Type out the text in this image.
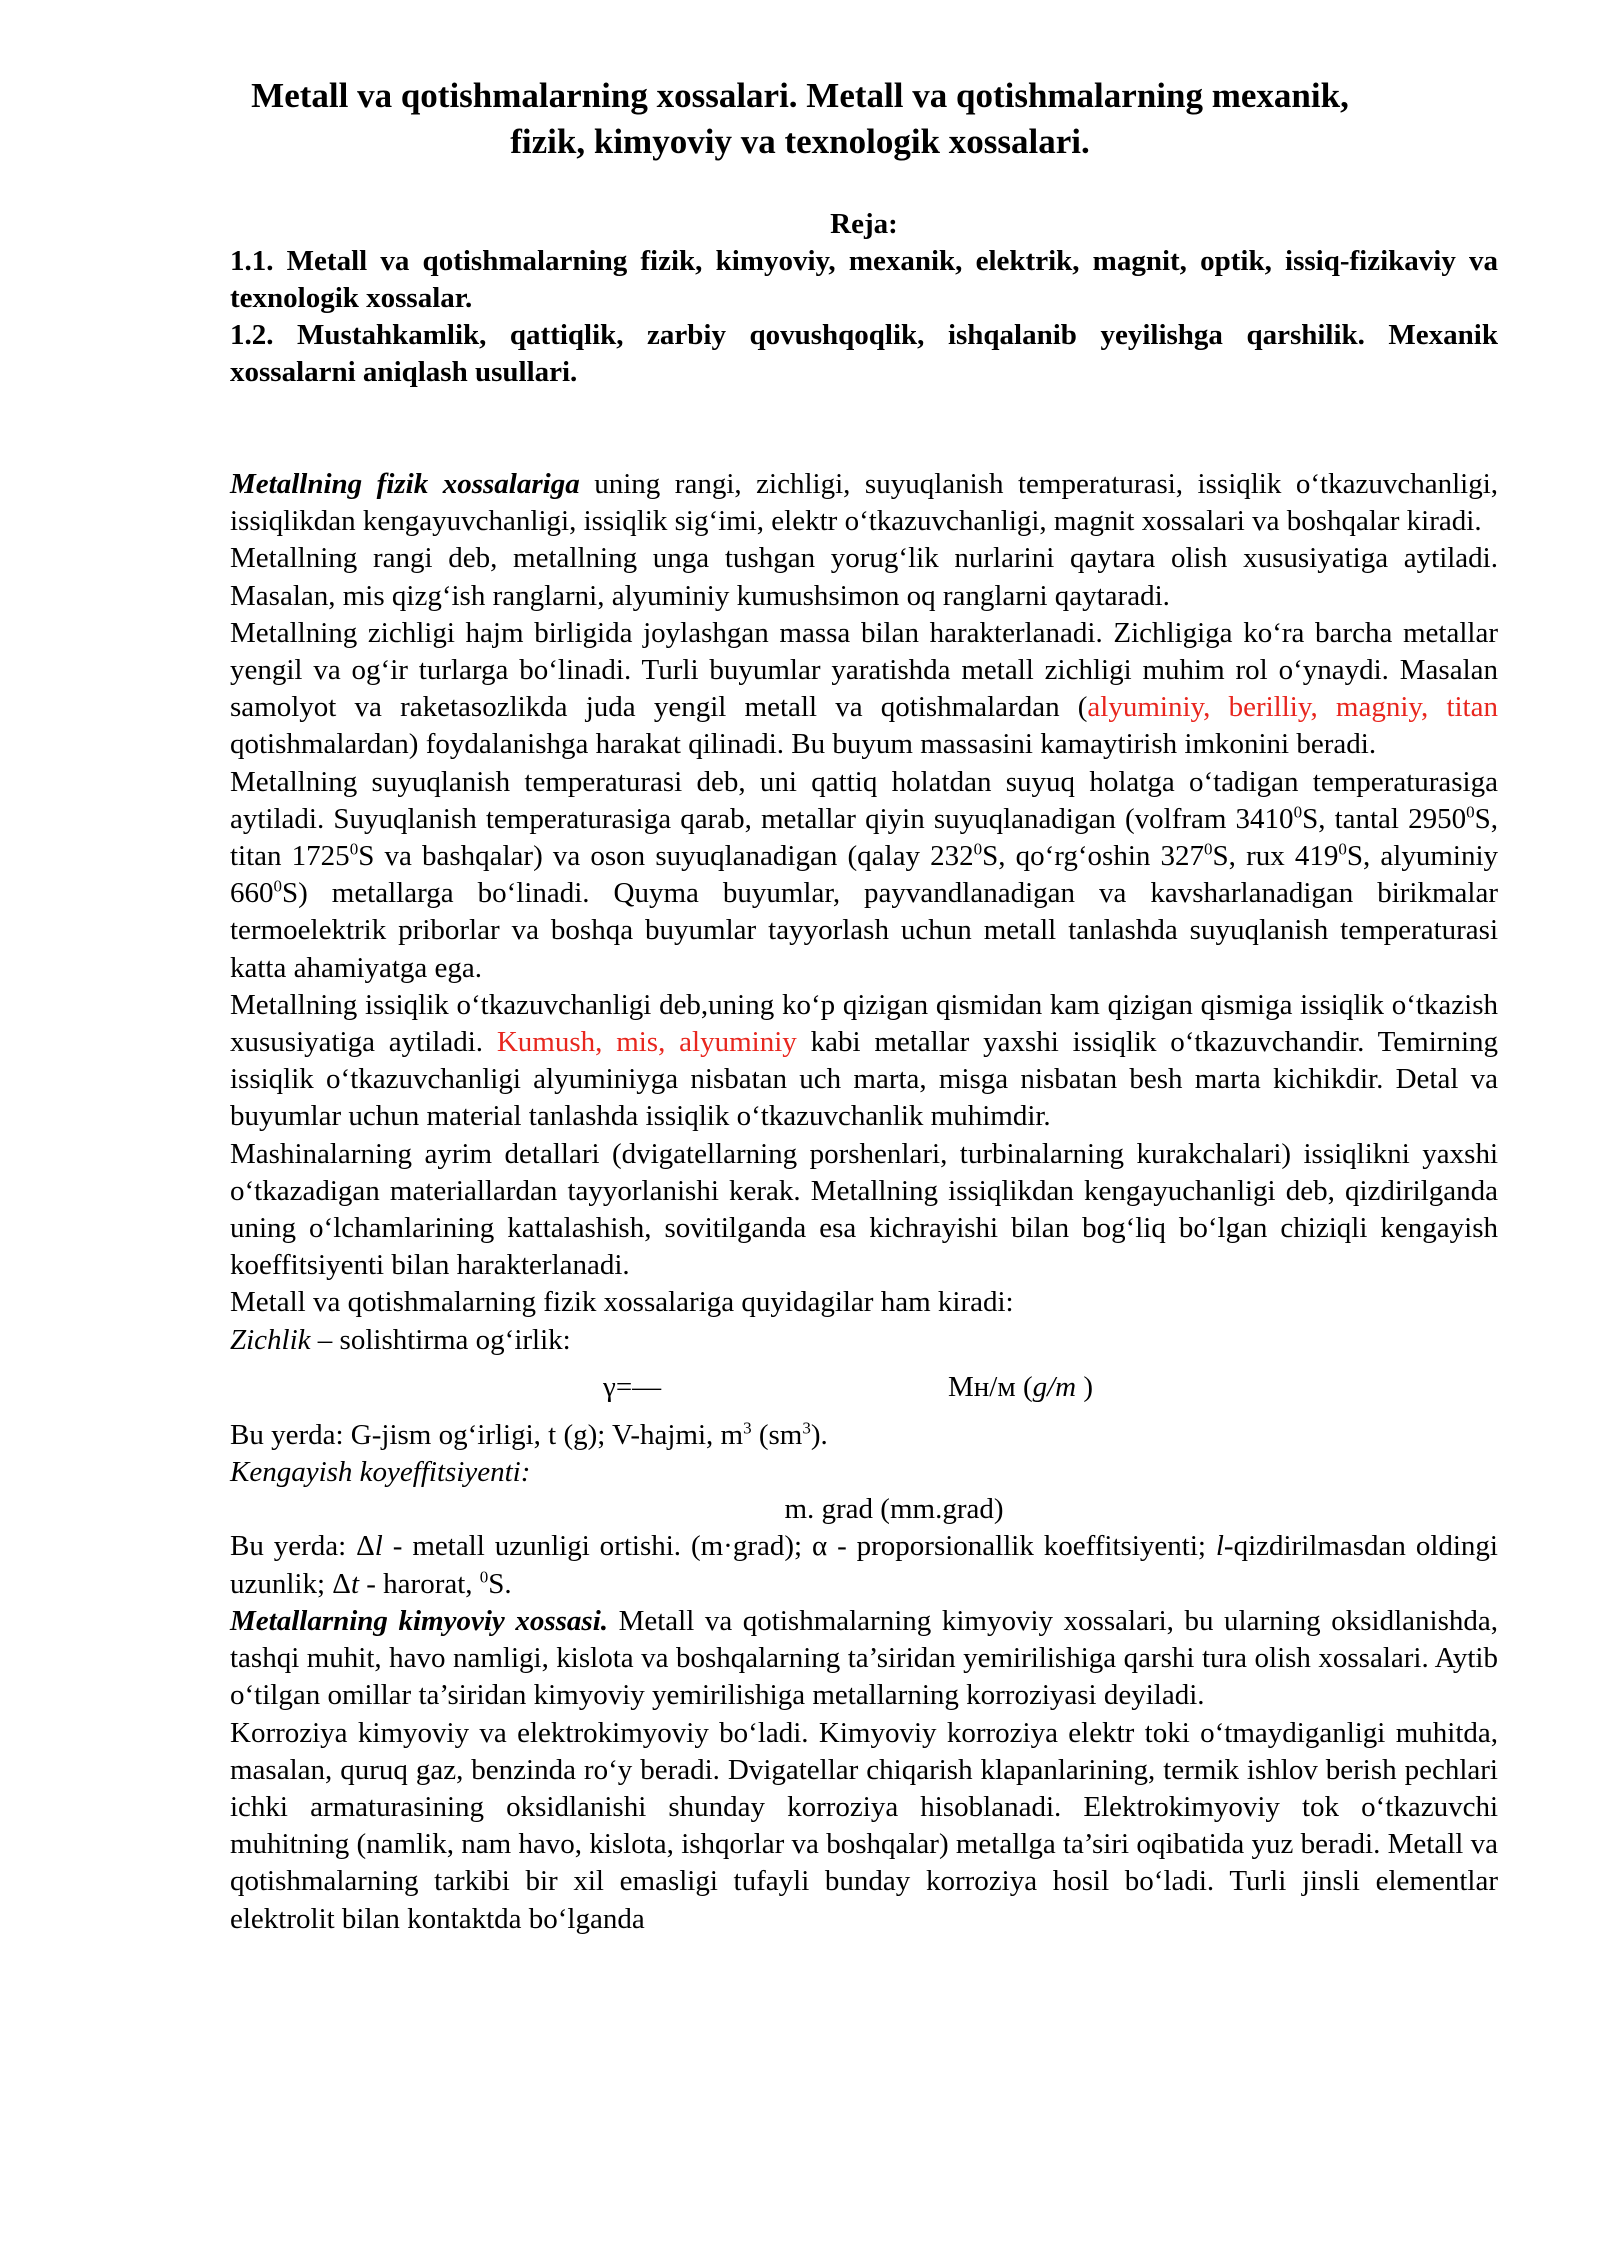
Metall va qotishmalarning xossalari. Metall va qotishmalarning mexanik,
fizik, kimyoviy va texnologik xossalari.
Reja:

1.1. Metall va qotishmalarning fizik, kimyoviy, mexanik, elektrik, magnit, optik, issiq-fizikaviy va texnologik xossalar.

1.2. Mustahkamlik, qattiqlik, zarbiy qovushqoqlik, ishqalanib yeyilishga qarshilik. Mexanik xossalarni aniqlash usullari.

Metallning fizik xossalariga uning rangi, zichligi, suyuqlanish temperaturasi, issiqlik o‘tkazuvchanligi, issiqlikdan kengayuvchanligi, issiqlik sig‘imi, elektr o‘tkazuvchanligi, magnit xossalari va boshqalar kiradi.

Metallning rangi deb, metallning unga tushgan yorug‘lik nurlarini qaytara olish xususiyatiga aytiladi. Masalan, mis qizg‘ish ranglarni, alyuminiy kumushsimon oq ranglarni qaytaradi.

Metallning zichligi hajm birligida joylashgan massa bilan harakterlanadi. Zichligiga ko‘ra barcha metallar yengil va og‘ir turlarga bo‘linadi. Turli buyumlar yaratishda metall zichligi muhim rol o‘ynaydi. Masalan samolyot va raketasozlikda juda yengil metall va qotishmalardan (alyuminiy, berilliy, magniy, titan qotishmalardan) foydalanishga harakat qilinadi. Bu buyum massasini kamaytirish imkonini beradi.

Metallning suyuqlanish temperaturasi deb, uni qattiq holatdan suyuq holatga o‘tadigan temperaturasiga aytiladi. Suyuqlanish temperaturasiga qarab, metallar qiyin suyuqlanadigan (volfram 3410$^0$S, tantal 2950$^0$S, titan 1725$^0$S va bashqalar) va oson suyuqlanadigan (qalay $232^0S$, qo‘rg‘oshin $327^0S$, rux $419^0S$, alyuminiy $660^0S$) metallarga bo‘linadi. Quyma buyumlar, payvandlanadigan va kavsharlanadigan birikmalar termoelektrik priborlar va boshqa buyumlar tayyorlash uchun metall tanlashda suyuqlanish temperaturasi katta ahamiyatga ega.

Metallning issiqlik o‘tkazuvchanligi deb,uning ko‘p qizigan qismidan kam qizigan qismiga issiqlik o‘tkazish xususiyatiga aytiladi. Kumush, mis, alyuminiy kabi metallar yaxshi issiqlik o‘tkazuvchandir. Temirning issiqlik o‘tkazuvchanligi alyuminiyga nisbatan uch marta, misga nisbatan besh marta kichikdir. Detal va buyumlar uchun material tanlashda issiqlik o‘tkazuvchanlik muhimdir.

Mashinalarning ayrim detallari (dvigatellarning porshenlari, turbinalarning kurakchalari) issiqlikni yaxshi o‘tkazadigan materiallardan tayyorlanishi kerak. Metallning issiqlikdan kengayuchanligi deb, qizdirilganda uning o‘lchamlarining kattalashish, sovitilganda esa kichrayishi bilan bog‘liq bo‘lgan chiziqli kengayish koeffitsiyenti bilan harakterlanadi.

Metall va qotishmalarning fizik xossalariga quyidagilar ham kiradi:

Zichlik – solishtirma og‘irlik:

γ=—	Мн/м (g/m )

Bu yerda: G-jism og‘irligi, t (g); V-hajmi, $m^3$ $(sm^3)$.

Kengayish koyeffitsiyenti:

m. grad (mm.grad)

Bu yerda: Δl - metall uzunligi ortishi. (m·grad); α - proporsionallik koeffitsiyenti; l-qizdirilmasdan oldingi uzunlik; Δt - harorat, $^0$S.

Metallarning kimyoviy xossasi. Metall va qotishmalarning kimyoviy xossalari, bu ularning oksidlanishda, tashqi muhit, havo namligi, kislota va boshqalarning ta’siridan yemirilishiga qarshi tura olish xossalari. Aytib o‘tilgan omillar ta’siridan kimyoviy yemirilishiga metallarning korroziyasi deyiladi.

Korroziya kimyoviy va elektrokimyoviy bo‘ladi. Kimyoviy korroziya elektr toki o‘tmaydiganligi muhitda, masalan, quruq gaz, benzinda ro‘y beradi. Dvigatellar chiqarish klapanlarining, termik ishlov berish pechlari ichki armaturasining oksidlanishi shunday korroziya hisoblanadi. Elektrokimyoviy tok o‘tkazuvchi muhitning (namlik, nam havo, kislota, ishqorlar va boshqalar) metallga ta’siri oqibatida yuz beradi. Metall va qotishmalarning tarkibi bir xil emasligi tufayli bunday korroziya hosil bo‘ladi. Turli jinsli elementlar elektrolit bilan kontaktda bo‘lganda
